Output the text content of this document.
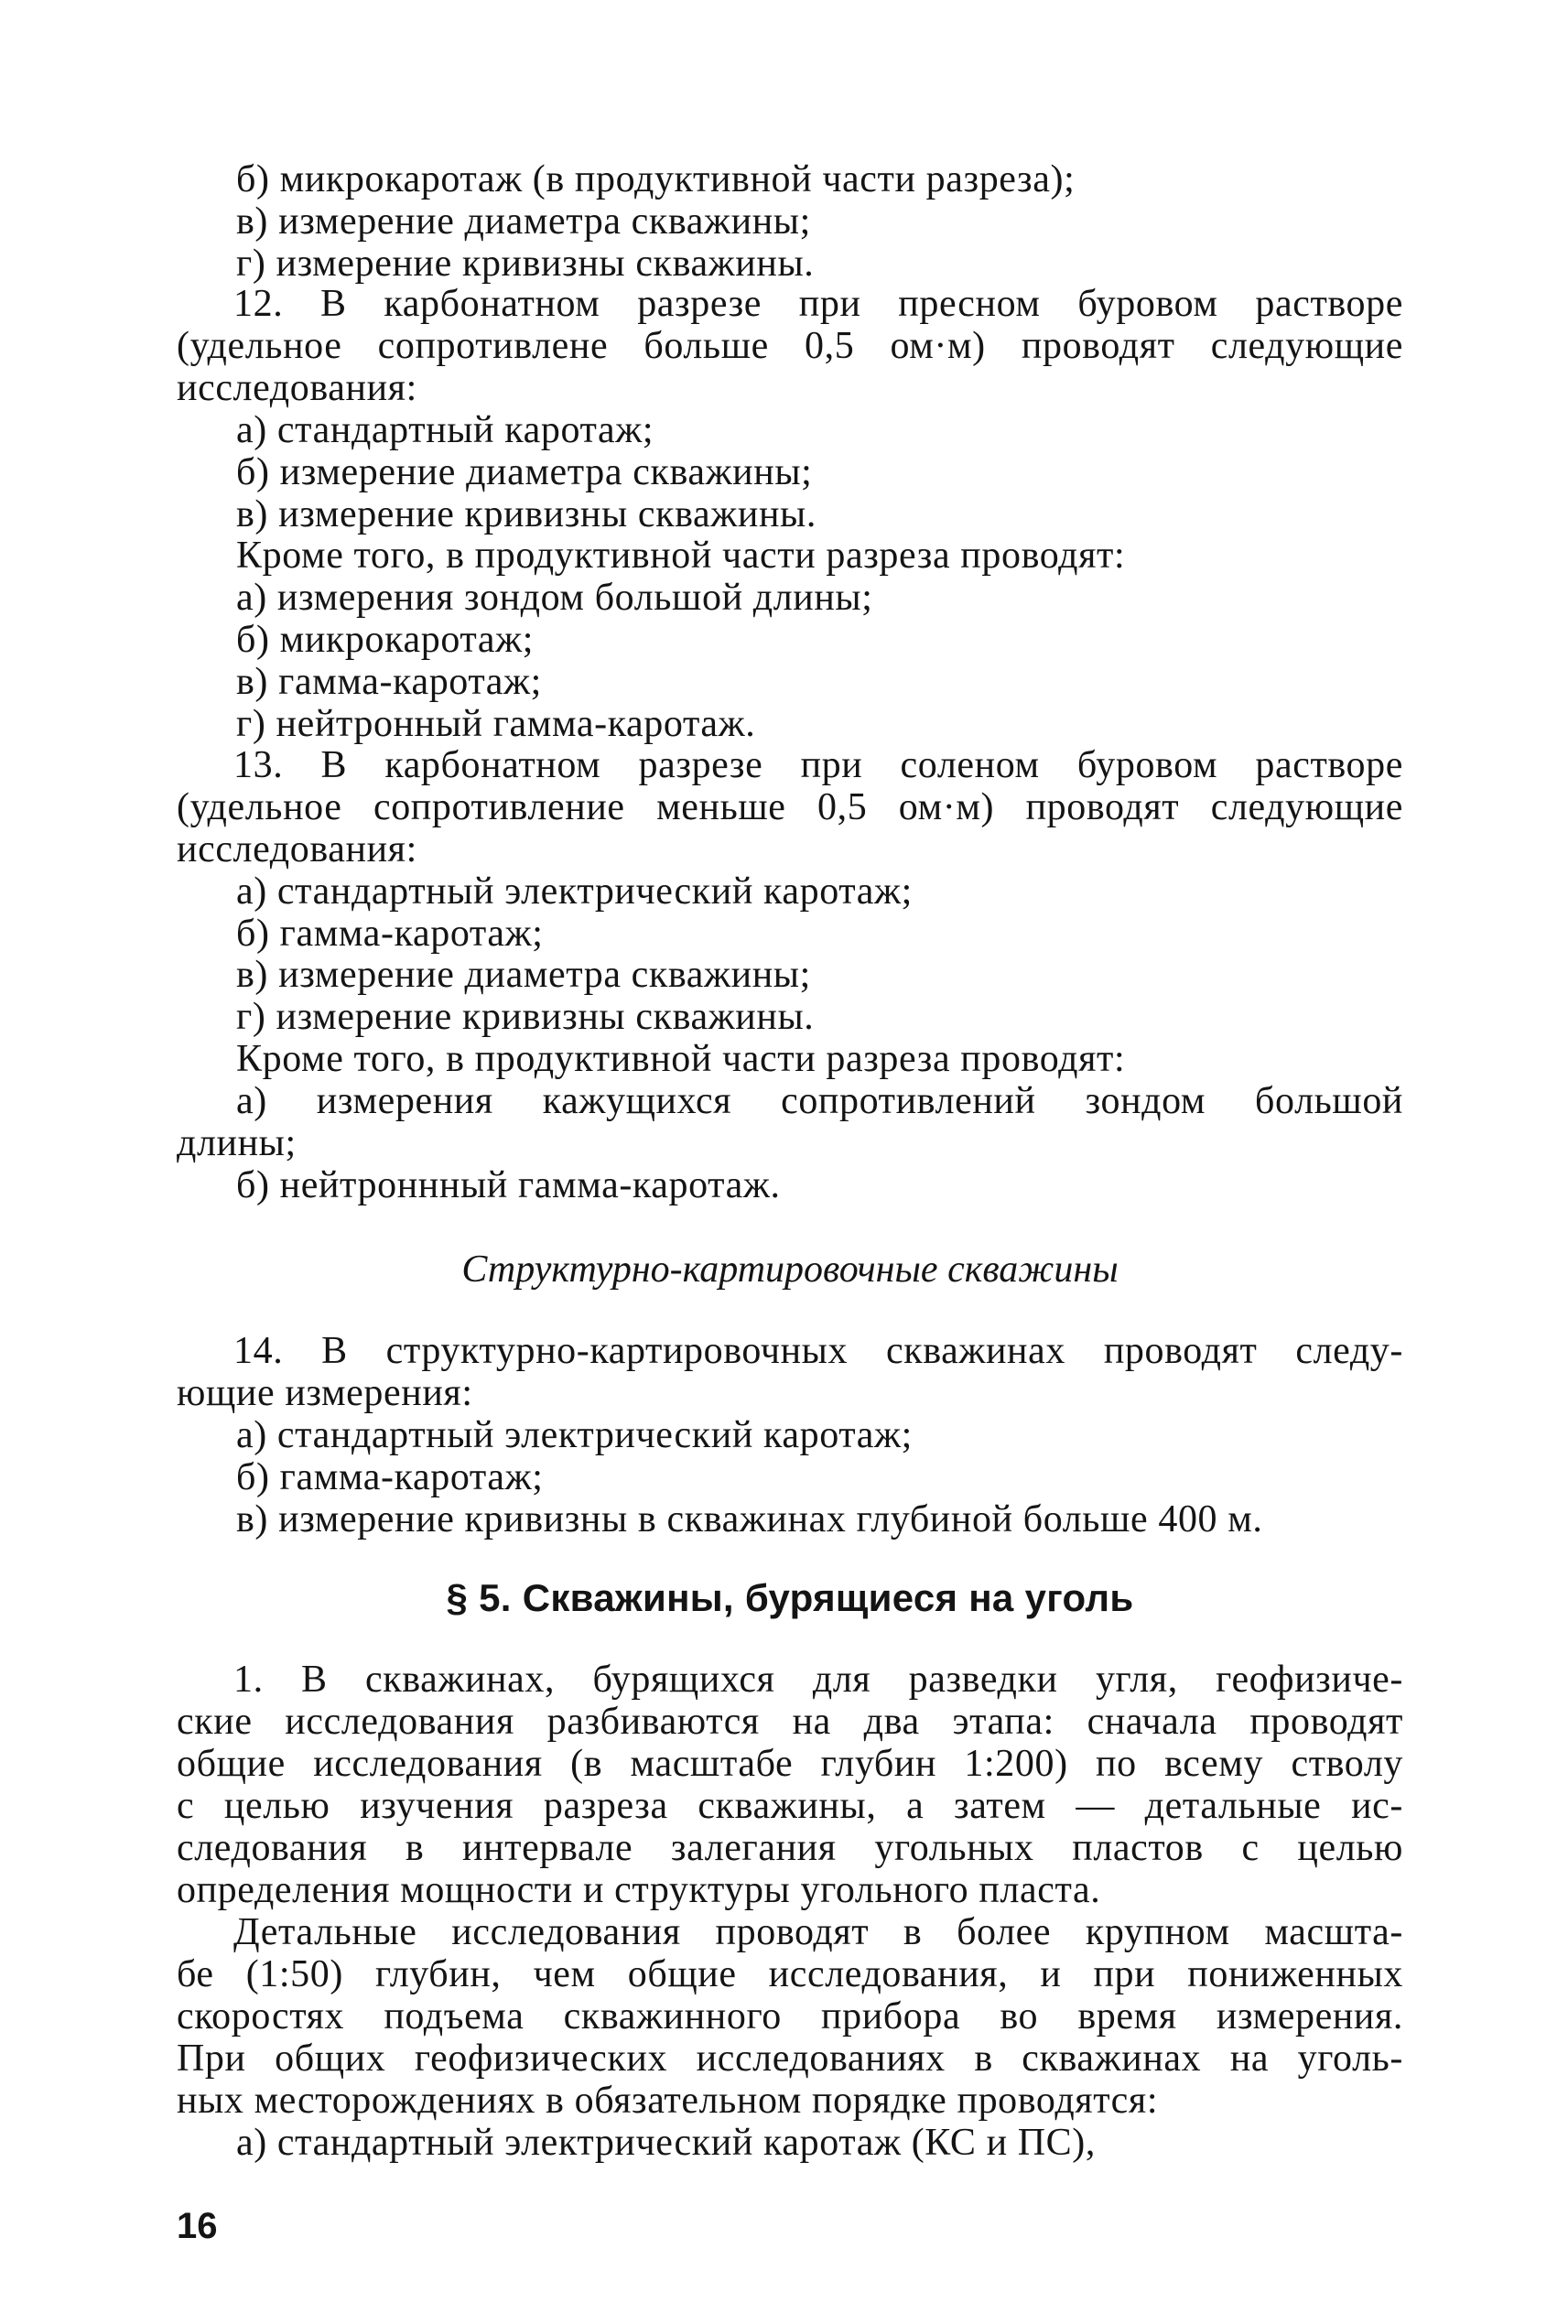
б) микрокаротаж (в продуктивной части разреза);
в) измерение диаметра скважины;
г) измерение кривизны скважины.
12. В карбонатном разрезе при пресном буровом растворе
(удельное сопротивлене больше 0,5 ом·м) проводят следующие
исследования:
а) стандартный каротаж;
б) измерение диаметра скважины;
в) измерение кривизны скважины.
Кроме того, в продуктивной части разреза проводят:
а) измерения зондом большой длины;
б) микрокаротаж;
в) гамма-каротаж;
г) нейтронный гамма-каротаж.
13. В карбонатном разрезе при соленом буровом растворе
(удельное сопротивление меньше 0,5 ом·м) проводят следующие
исследования:
а) стандартный электрический каротаж;
б) гамма-каротаж;
в) измерение диаметра скважины;
г) измерение кривизны скважины.
Кроме того, в продуктивной части разреза проводят:
а) измерения кажущихся сопротивлений зондом большой
длины;
б) нейтроннный гамма-каротаж.
Структурно-картировочные скважины
14. В структурно-картировочных скважинах проводят следу-
ющие измерения:
а) стандартный электрический каротаж;
б) гамма-каротаж;
в) измерение кривизны в скважинах глубиной больше 400 м.
§ 5. Скважины, бурящиеся на уголь
1. В скважинах, бурящихся для разведки угля, геофизиче-
ские исследования разбиваются на два этапа: сначала проводят
общие исследования (в масштабе глубин 1:200) по всему стволу
с целью изучения разреза скважины, а затем — детальные ис-
следования в интервале залегания угольных пластов с целью
определения мощности и структуры угольного пласта.
Детальные исследования проводят в более крупном масшта-
бе (1:50) глубин, чем общие исследования, и при пониженных
скоростях подъема скважинного прибора во время измерения.
При общих геофизических исследованиях в скважинах на уголь-
ных месторождениях в обязательном порядке проводятся:
а) стандартный электрический каротаж (КС и ПС),
16
